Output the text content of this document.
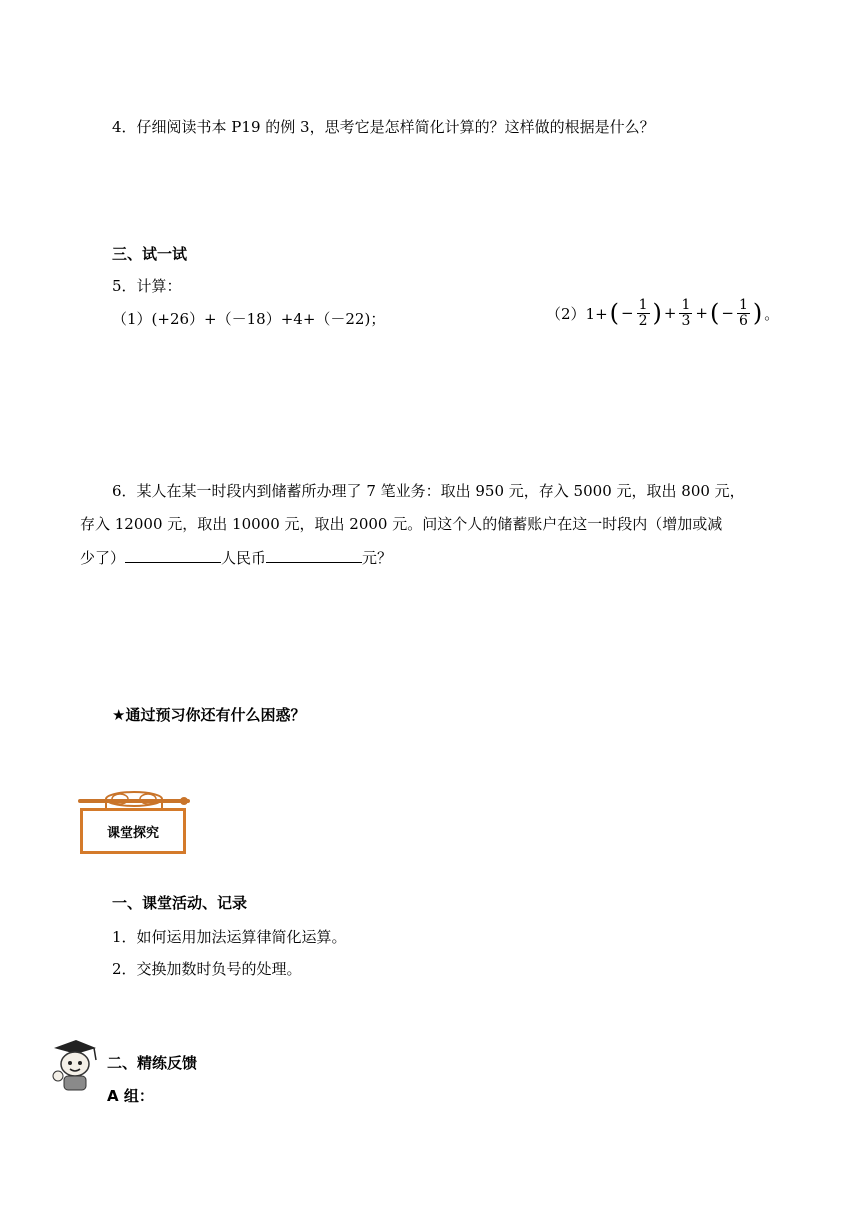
4．仔细阅读书本 P19 的例 3，思考它是怎样简化计算的？这样做的根据是什么？
三、试一试
5．计算：
（1）(+26）+（－18）+4+（－22)；	（2）1+ ( − $\frac{1}{2}$ ) + $\frac{1}{3}$ + ( − $\frac{1}{6}$ ) 。
6．某人在某一时段内到储蓄所办理了 7 笔业务：取出 950 元，存入 5000 元，取出 800 元，
存入 12000 元，取出 10000 元，取出 2000 元。问这个人的储蓄账户在这一时段内（增加或减
少了）	人民币	元？
★通过预习你还有什么困惑？
课堂探究
一、课堂活动、记录
1．如何运用加法运算律简化运算。
2．交换加数时负号的处理。
二、精练反馈
A 组：
